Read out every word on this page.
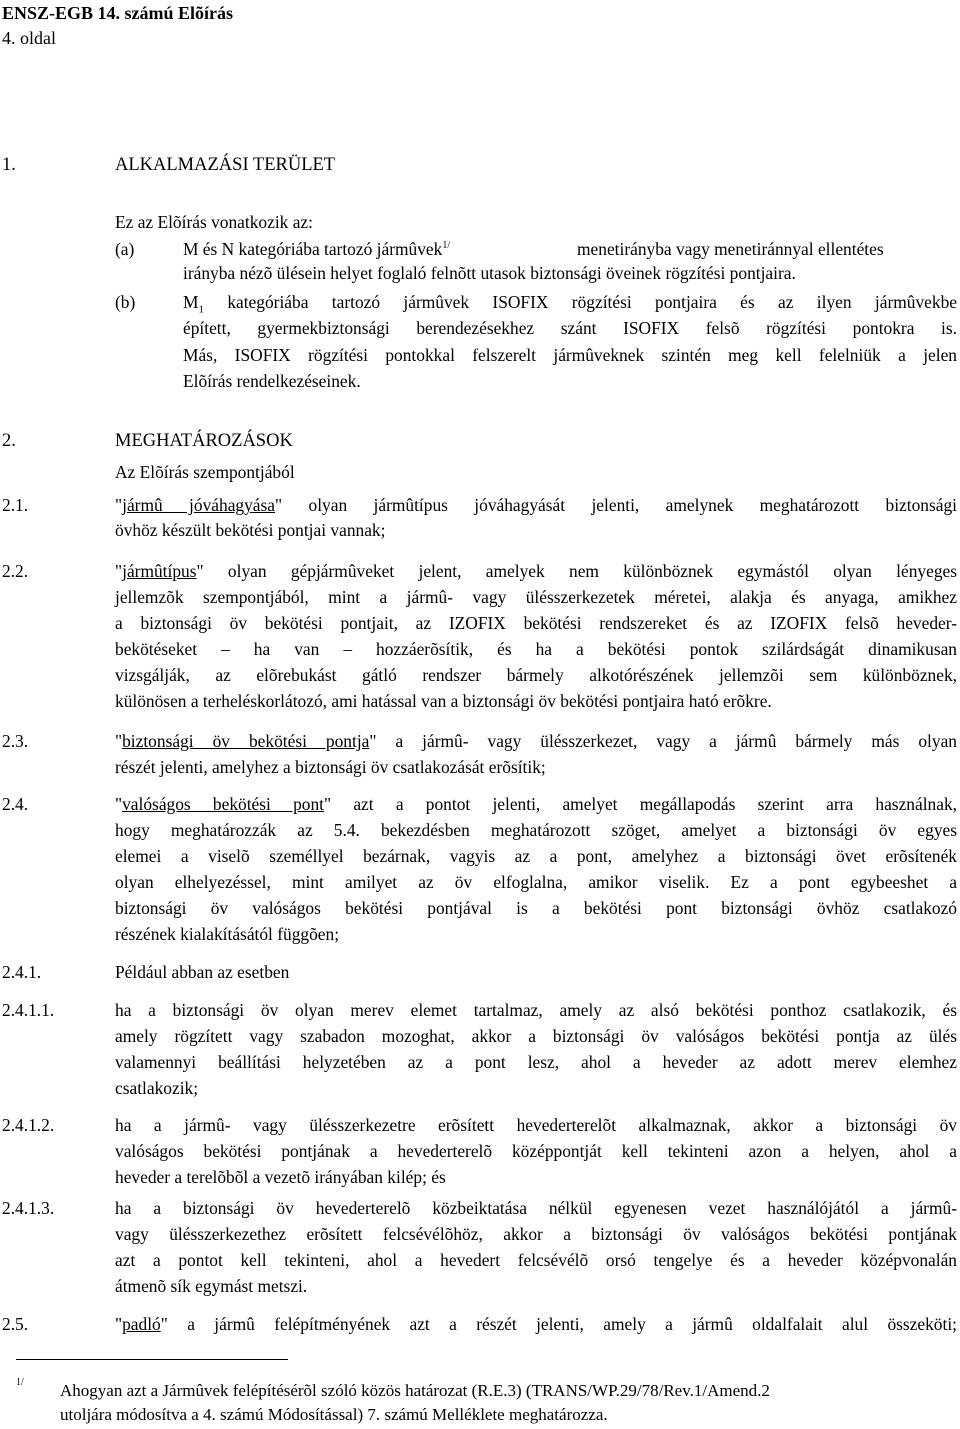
ENSZ-EGB 14. számú Elõírás
4. oldal
1.	ALKALMAZÁSI TERÜLET
Ez az Elõírás vonatkozik az:
(a)	M és N kategóriába tartozó jármûvek$^{1/}$	menetirányba vagy menetiránnyal ellentétes
irányba nézõ ülésein helyet foglaló felnõtt utasok biztonsági öveinek rögzítési pontjaira.
(b)	$M_1$ kategóriába tartozó jármûvek ISOFIX rögzítési pontjaira és az ilyen jármûvekbe
épített, gyermekbiztonsági berendezésekhez szánt ISOFIX felsõ rögzítési pontokra is.
Más, ISOFIX rögzítési pontokkal felszerelt jármûveknek szintén meg kell felelniük a jelen
Elõírás rendelkezéseinek.
2.	MEGHATÁROZÁSOK
Az Elõírás szempontjából
2.1.	"jármû jóváhagyása" olyan jármûtípus jóváhagyását jelenti, amelynek meghatározott biztonsági
övhöz készült bekötési pontjai vannak;
2.2.	"jármûtípus" olyan gépjármûveket jelent, amelyek nem különböznek egymástól olyan lényeges
jellemzõk szempontjából, mint a jármû- vagy ülésszerkezetek méretei, alakja és anyaga, amikhez
a biztonsági öv bekötési pontjait, az IZOFIX bekötési rendszereket és az IZOFIX felsõ heveder-
bekötéseket – ha van – hozzáerõsítik, és ha a bekötési pontok szilárdságát dinamikusan
vizsgálják, az elõrebukást gátló rendszer bármely alkotórészének jellemzõi sem különböznek,
különösen a terheléskorlátozó, ami hatással van a biztonsági öv bekötési pontjaira ható erõkre.
2.3.	"biztonsági öv bekötési pontja" a jármû- vagy ülésszerkezet, vagy a jármû bármely más olyan
részét jelenti, amelyhez a biztonsági öv csatlakozását erõsítik;
2.4.	"valóságos bekötési pont" azt a pontot jelenti, amelyet megállapodás szerint arra használnak,
hogy meghatározzák az 5.4. bekezdésben meghatározott szöget, amelyet a biztonsági öv egyes
elemei a viselõ személlyel bezárnak, vagyis az a pont, amelyhez a biztonsági övet erõsítenék
olyan elhelyezéssel, mint amilyet az öv elfoglalna, amikor viselik. Ez a pont egybeeshet a
biztonsági öv valóságos bekötési pontjával is a bekötési pont biztonsági övhöz csatlakozó
részének kialakításától függõen;
2.4.1.	Például abban az esetben
2.4.1.1.	ha a biztonsági öv olyan merev elemet tartalmaz, amely az alsó bekötési ponthoz csatlakozik, és
amely rögzített vagy szabadon mozoghat, akkor a biztonsági öv valóságos bekötési pontja az ülés
valamennyi beállítási helyzetében az a pont lesz, ahol a heveder az adott merev elemhez
csatlakozik;
2.4.1.2.	ha a jármû- vagy ülésszerkezetre erõsített hevederterelõt alkalmaznak, akkor a biztonsági öv
valóságos bekötési pontjának a hevederterelõ középpontját kell tekinteni azon a helyen, ahol a
heveder a terelõbõl a vezetõ irányában kilép; és
2.4.1.3.	ha a biztonsági öv hevederterelõ közbeiktatása nélkül egyenesen vezet használójától a jármû-
vagy ülésszerkezethez erõsített felcsévélõhöz, akkor a biztonsági öv valóságos bekötési pontjának
azt a pontot kell tekinteni, ahol a hevedert felcsévélõ orsó tengelye és a heveder középvonalán
átmenõ sík egymást metszi.
2.5.	"padló" a jármû felépítményének azt a részét jelenti, amely a jármû oldalfalait alul összeköti;
1/ Ahogyan azt a Jármûvek felépítésérõl szóló közös határozat (R.E.3) (TRANS/WP.29/78/Rev.1/Amend.2
utoljára módosítva a 4. számú Módosítással) 7. számú Melléklete meghatározza.
